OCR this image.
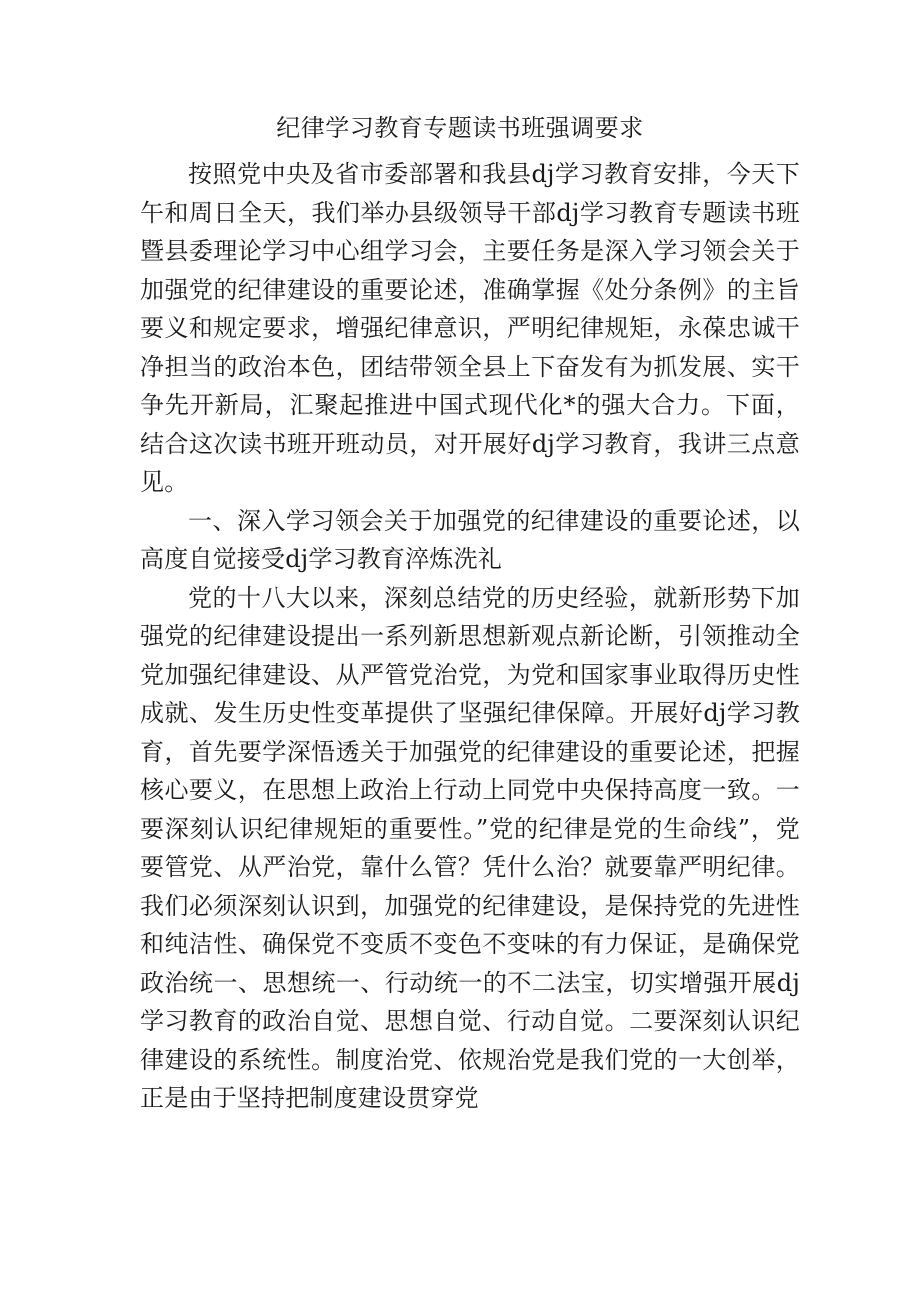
纪律学习教育专题读书班强调要求

按照党中央及省市委部署和我县dj学习教育安排，今天下午和周日全天，我们举办县级领导干部dj学习教育专题读书班暨县委理论学习中心组学习会，主要任务是深入学习领会关于加强党的纪律建设的重要论述，准确掌握《处分条例》的主旨要义和规定要求，增强纪律意识，严明纪律规矩，永葆忠诚干净担当的政治本色，团结带领全县上下奋发有为抓发展、实干争先开新局，汇聚起推进中国式现代化*的强大合力。下面，结合这次读书班开班动员，对开展好dj学习教育，我讲三点意见。

一、深入学习领会关于加强党的纪律建设的重要论述，以高度自觉接受dj学习教育淬炼洗礼

党的十八大以来，深刻总结党的历史经验，就新形势下加强党的纪律建设提出一系列新思想新观点新论断，引领推动全党加强纪律建设、从严管党治党，为党和国家事业取得历史性成就、发生历史性变革提供了坚强纪律保障。开展好dj学习教育，首先要学深悟透关于加强党的纪律建设的重要论述，把握核心要义，在思想上政治上行动上同党中央保持高度一致。一要深刻认识纪律规矩的重要性。”党的纪律是党的生命线”，党要管党、从严治党，靠什么管？凭什么治？就要靠严明纪律。我们必须深刻认识到，加强党的纪律建设，是保持党的先进性和纯洁性、确保党不变质不变色不变味的有力保证，是确保党政治统一、思想统一、行动统一的不二法宝，切实增强开展dj学习教育的政治自觉、思想自觉、行动自觉。二要深刻认识纪律建设的系统性。制度治党、依规治党是我们党的一大创举，正是由于坚持把制度建设贯穿党
